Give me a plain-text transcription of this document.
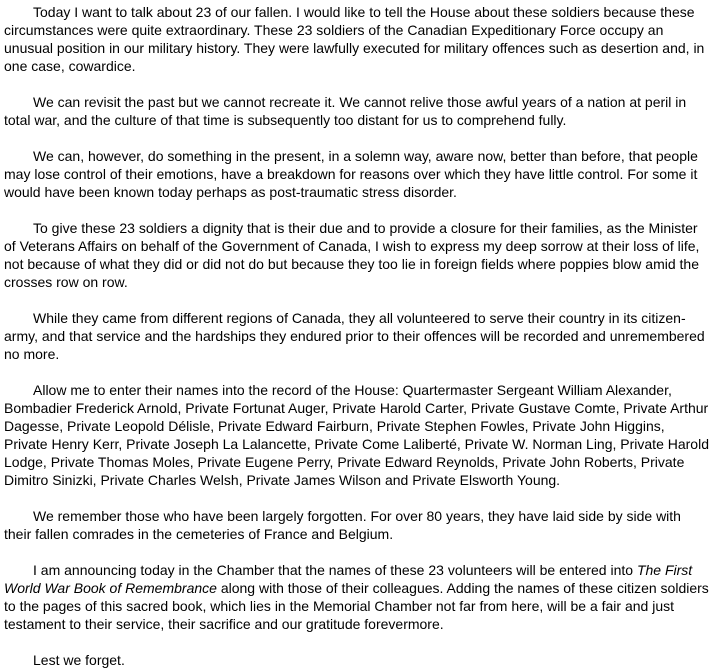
Today I want to talk about 23 of our fallen. I would like to tell the House about these soldiers because these circumstances were quite extraordinary. These 23 soldiers of the Canadian Expeditionary Force occupy an unusual position in our military history. They were lawfully executed for military offences such as desertion and, in one case, cowardice.

We can revisit the past but we cannot recreate it. We cannot relive those awful years of a nation at peril in total war, and the culture of that time is subsequently too distant for us to comprehend fully.

We can, however, do something in the present, in a solemn way, aware now, better than before, that people may lose control of their emotions, have a breakdown for reasons over which they have little control. For some it would have been known today perhaps as post-traumatic stress disorder.

To give these 23 soldiers a dignity that is their due and to provide a closure for their families, as the Minister of Veterans Affairs on behalf of the Government of Canada, I wish to express my deep sorrow at their loss of life, not because of what they did or did not do but because they too lie in foreign fields where poppies blow amid the crosses row on row.

While they came from different regions of Canada, they all volunteered to serve their country in its citizen-army, and that service and the hardships they endured prior to their offences will be recorded and unremembered no more.

Allow me to enter their names into the record of the House: Quartermaster Sergeant William Alexander, Bombadier Frederick Arnold, Private Fortunat Auger, Private Harold Carter, Private Gustave Comte, Private Arthur Dagesse, Private Leopold Délisle, Private Edward Fairburn, Private Stephen Fowles, Private John Higgins, Private Henry Kerr, Private Joseph La Lalancette, Private Come Laliberté, Private W. Norman Ling, Private Harold Lodge, Private Thomas Moles, Private Eugene Perry, Private Edward Reynolds, Private John Roberts, Private Dimitro Sinizki, Private Charles Welsh, Private James Wilson and Private Elsworth Young.

We remember those who have been largely forgotten. For over 80 years, they have laid side by side with their fallen comrades in the cemeteries of France and Belgium.

I am announcing today in the Chamber that the names of these 23 volunteers will be entered into The First World War Book of Remembrance along with those of their colleagues. Adding the names of these citizen soldiers to the pages of this sacred book, which lies in the Memorial Chamber not far from here, will be a fair and just testament to their service, their sacrifice and our gratitude forevermore.

Lest we forget.
